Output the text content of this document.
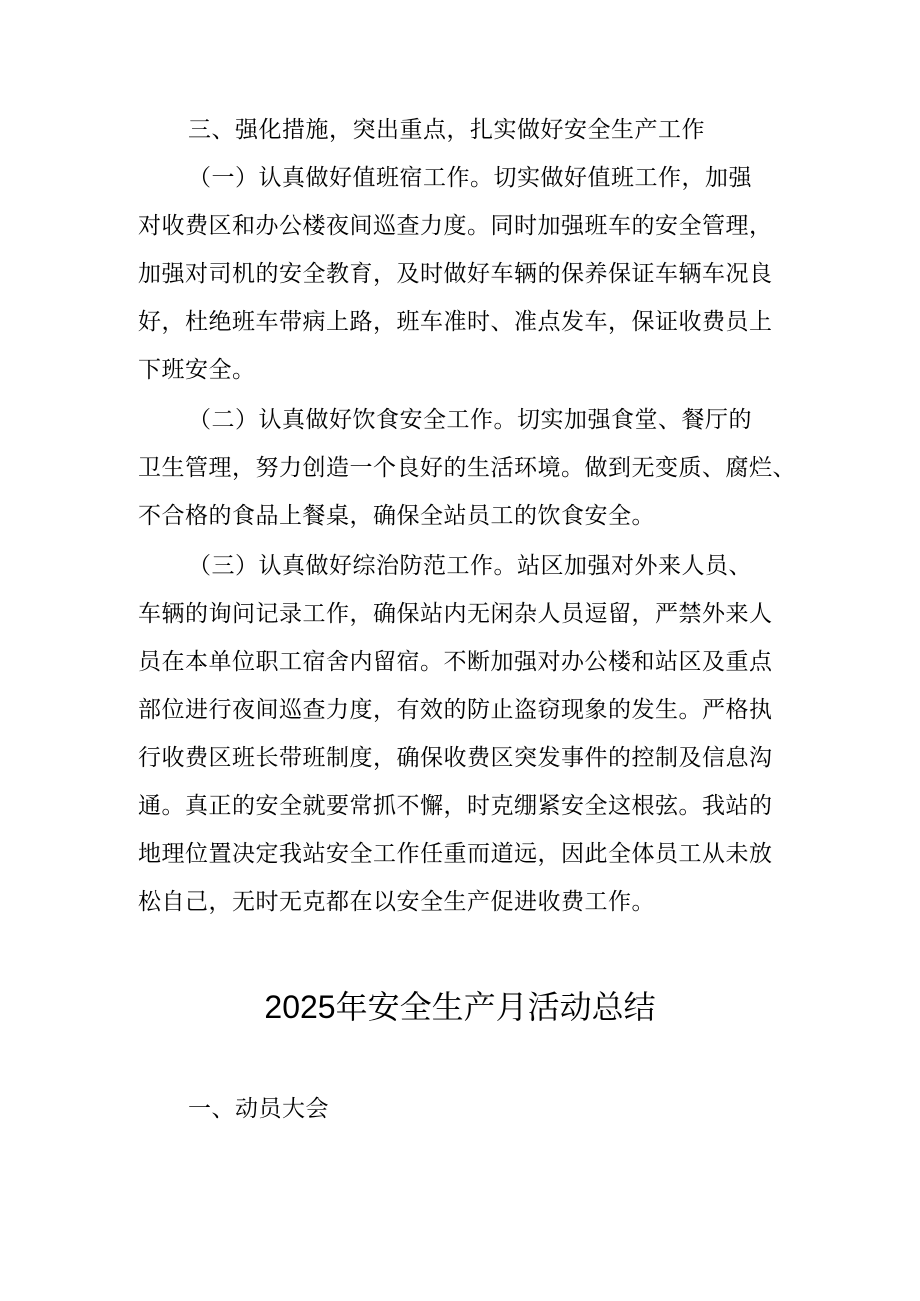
三、强化措施，突出重点，扎实做好安全生产工作
（一）认真做好值班宿工作。切实做好值班工作，加强
对收费区和办公楼夜间巡查力度。同时加强班车的安全管理，
加强对司机的安全教育，及时做好车辆的保养保证车辆车况良
好，杜绝班车带病上路，班车准时、准点发车，保证收费员上
下班安全。
（二）认真做好饮食安全工作。切实加强食堂、餐厅的
卫生管理，努力创造一个良好的生活环境。做到无变质、腐烂、
不合格的食品上餐桌，确保全站员工的饮食安全。
（三）认真做好综治防范工作。站区加强对外来人员、
车辆的询问记录工作，确保站内无闲杂人员逗留，严禁外来人
员在本单位职工宿舍内留宿。不断加强对办公楼和站区及重点
部位进行夜间巡查力度，有效的防止盗窃现象的发生。严格执
行收费区班长带班制度，确保收费区突发事件的控制及信息沟
通。真正的安全就要常抓不懈，时克绷紧安全这根弦。我站的
地理位置决定我站安全工作任重而道远，因此全体员工从未放
松自己，无时无克都在以安全生产促进收费工作。
2025年安全生产月活动总结
一、动员大会
